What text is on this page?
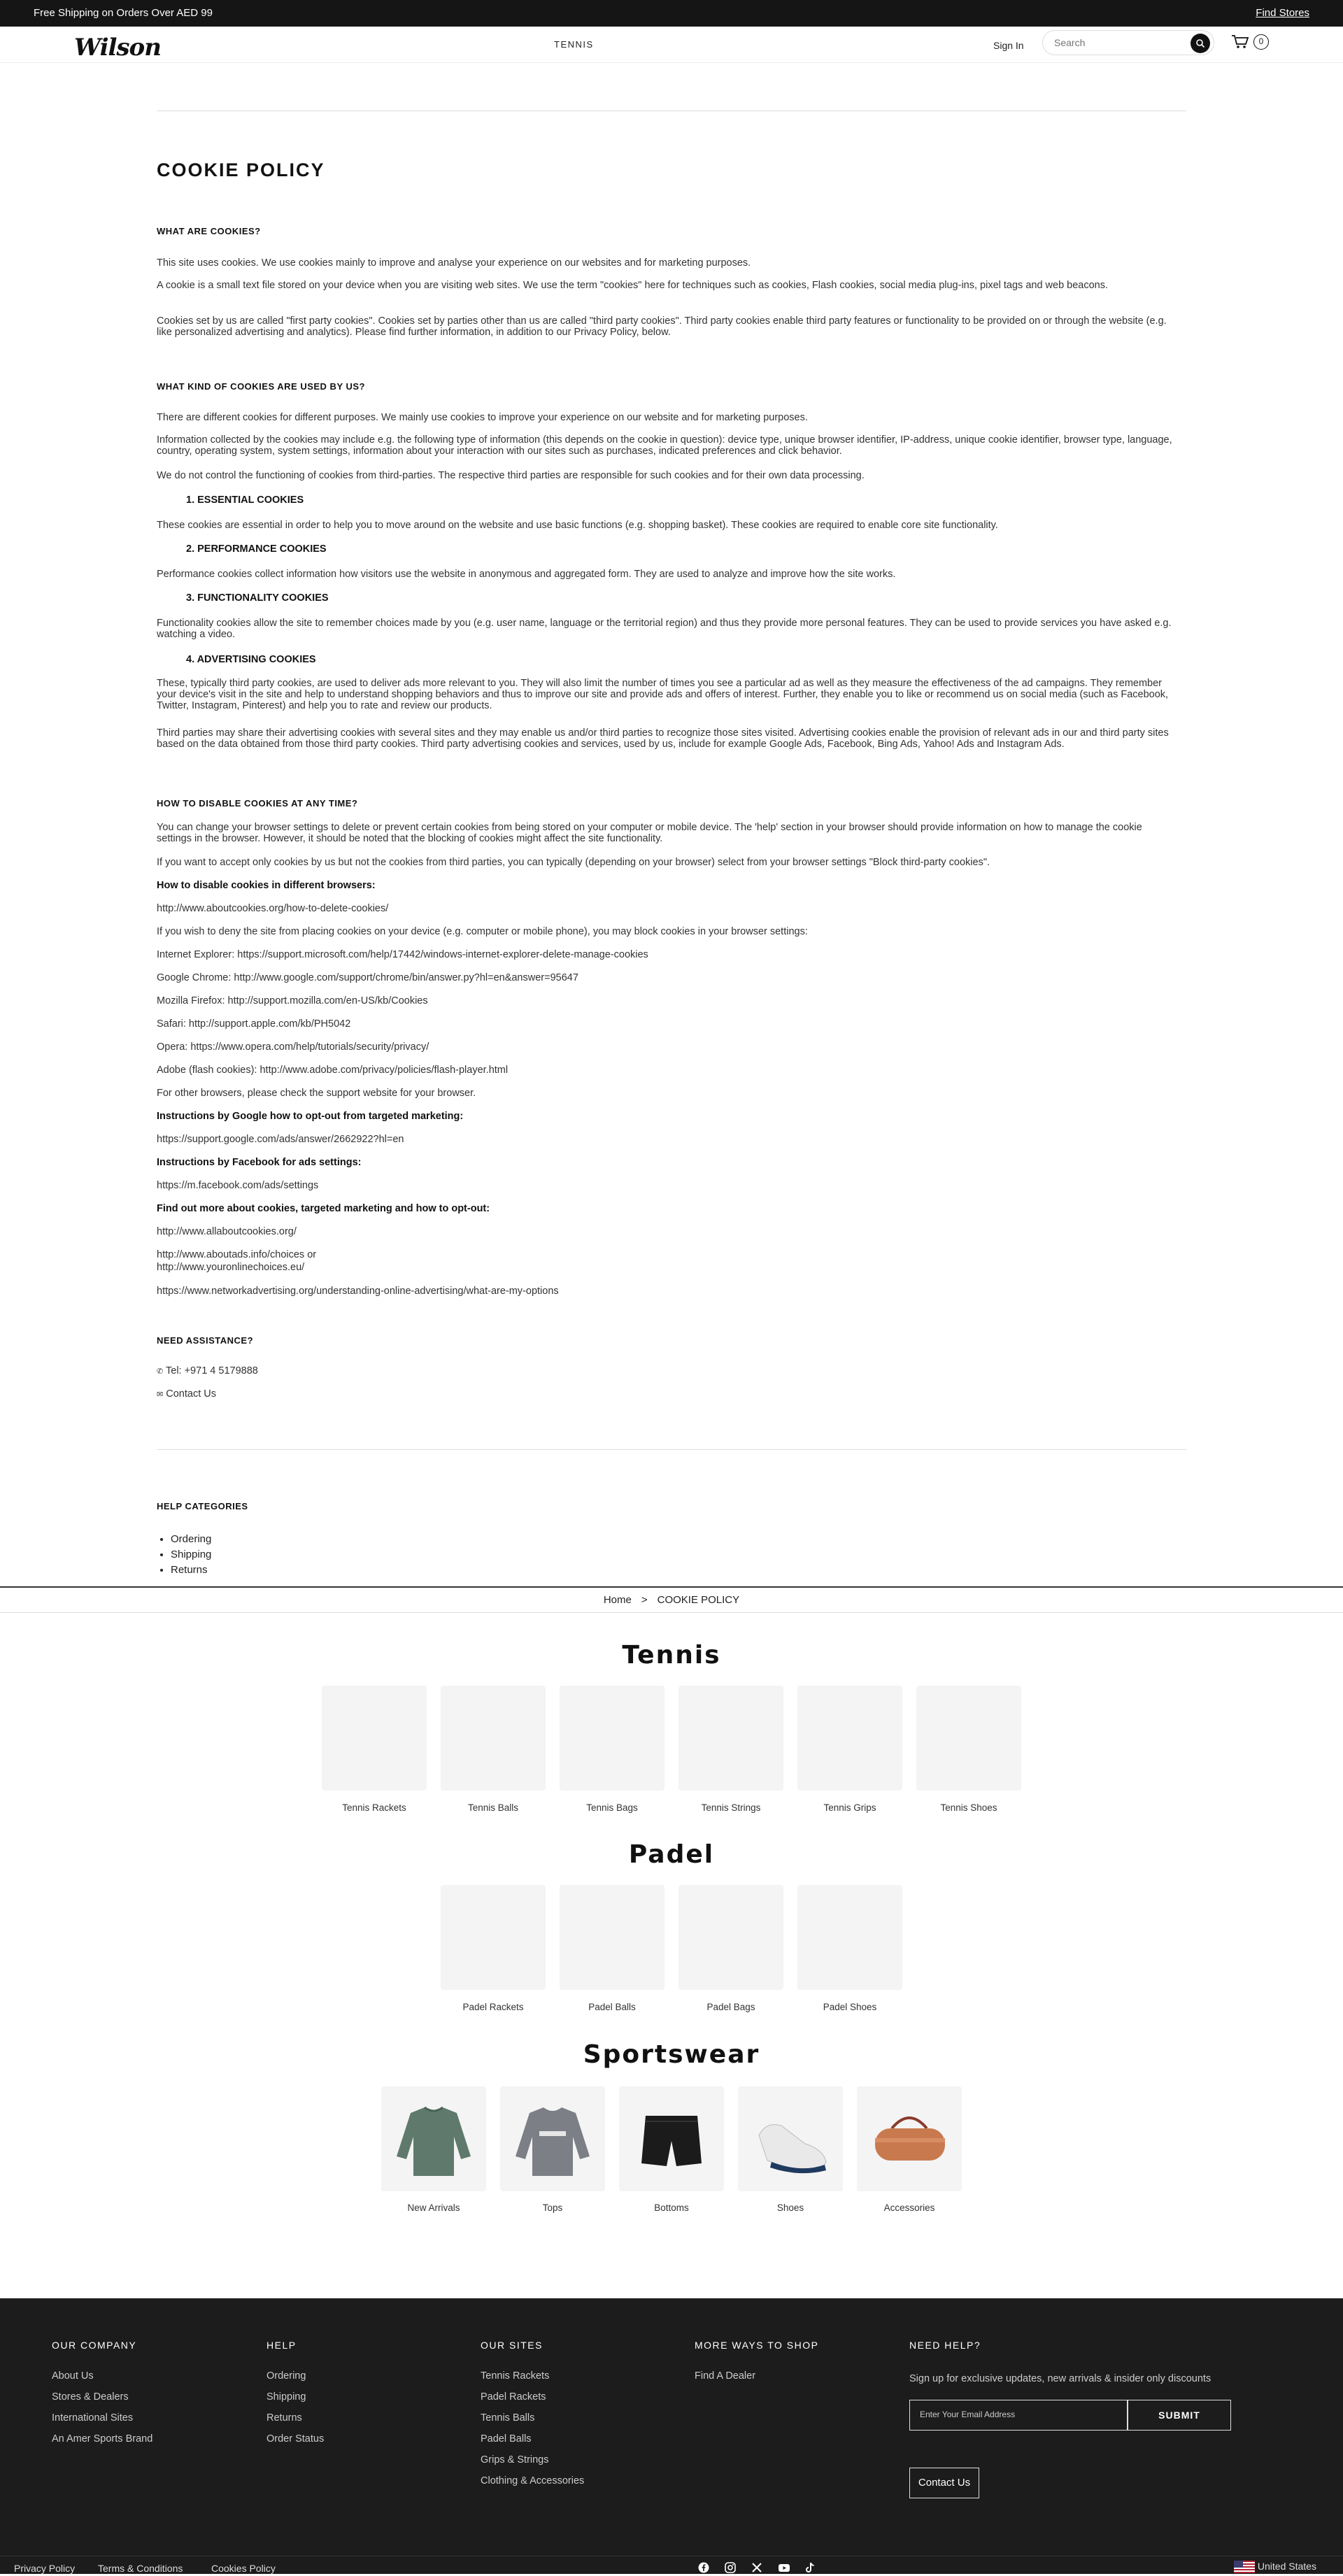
Free Shipping on Orders Over AED 99	Find Stores
Wilson	TENNIS	Sign In
Search	0
COOKIE POLICY
WHAT ARE COOKIES?
This site uses cookies. We use cookies mainly to improve and analyse your experience on our websites and for marketing purposes.
A cookie is a small text file stored on your device when you are visiting web sites. We use the term "cookies" here for techniques such as cookies, Flash cookies, social media plug-ins, pixel tags and web beacons.
Cookies set by us are called "first party cookies". Cookies set by parties other than us are called "third party cookies". Third party cookies enable third party features or functionality to be provided on or through the website (e.g. like personalized advertising and analytics). Please find further information, in addition to our Privacy Policy, below.
WHAT KIND OF COOKIES ARE USED BY US?
There are different cookies for different purposes. We mainly use cookies to improve your experience on our website and for marketing purposes.
Information collected by the cookies may include e.g. the following type of information (this depends on the cookie in question): device type, unique browser identifier, IP-address, unique cookie identifier, browser type, language, country, operating system, system settings, information about your interaction with our sites such as purchases, indicated preferences and click behavior.
We do not control the functioning of cookies from third-parties. The respective third parties are responsible for such cookies and for their own data processing.
1. ESSENTIAL COOKIES
These cookies are essential in order to help you to move around on the website and use basic functions (e.g. shopping basket). These cookies are required to enable core site functionality.
2. PERFORMANCE COOKIES
Performance cookies collect information how visitors use the website in anonymous and aggregated form. They are used to analyze and improve how the site works.
3. FUNCTIONALITY COOKIES
Functionality cookies allow the site to remember choices made by you (e.g. user name, language or the territorial region) and thus they provide more personal features. They can be used to provide services you have asked e.g. watching a video.
4. ADVERTISING COOKIES
These, typically third party cookies, are used to deliver ads more relevant to you. They will also limit the number of times you see a particular ad as well as they measure the effectiveness of the ad campaigns. They remember your device's visit in the site and help to understand shopping behaviors and thus to improve our site and provide ads and offers of interest. Further, they enable you to like or recommend us on social media (such as Facebook, Twitter, Instagram, Pinterest) and help you to rate and review our products.
Third parties may share their advertising cookies with several sites and they may enable us and/or third parties to recognize those sites visited. Advertising cookies enable the provision of relevant ads in our and third party sites based on the data obtained from those third party cookies. Third party advertising cookies and services, used by us, include for example Google Ads, Facebook, Bing Ads, Yahoo! Ads and Instagram Ads.
HOW TO DISABLE COOKIES AT ANY TIME?
You can change your browser settings to delete or prevent certain cookies from being stored on your computer or mobile device. The 'help' section in your browser should provide information on how to manage the cookie settings in the browser. However, it should be noted that the blocking of cookies might affect the site functionality.
If you want to accept only cookies by us but not the cookies from third parties, you can typically (depending on your browser) select from your browser settings "Block third-party cookies".
How to disable cookies in different browsers:
http://www.aboutcookies.org/how-to-delete-cookies/
If you wish to deny the site from placing cookies on your device (e.g. computer or mobile phone), you may block cookies in your browser settings:
Internet Explorer: https://support.microsoft.com/help/17442/windows-internet-explorer-delete-manage-cookies
Google Chrome: http://www.google.com/support/chrome/bin/answer.py?hl=en&answer=95647
Mozilla Firefox: http://support.mozilla.com/en-US/kb/Cookies
Safari: http://support.apple.com/kb/PH5042
Opera: https://www.opera.com/help/tutorials/security/privacy/
Adobe (flash cookies): http://www.adobe.com/privacy/policies/flash-player.html
For other browsers, please check the support website for your browser.
Instructions by Google how to opt-out from targeted marketing:
https://support.google.com/ads/answer/2662922?hl=en
Instructions by Facebook for ads settings:
https://m.facebook.com/ads/settings
Find out more about cookies, targeted marketing and how to opt-out:
http://www.allaboutcookies.org/
http://www.aboutads.info/choices or
http://www.youronlinechoices.eu/
https://www.networkadvertising.org/understanding-online-advertising/what-are-my-options
NEED ASSISTANCE?
✆ Tel: +971 4 5179888
✉ Contact Us
HELP CATEGORIES
• Ordering
• Shipping
• Returns
Home > COOKIE POLICY
Tennis
Tennis Rackets	Tennis Balls	Tennis Bags	Tennis Strings	Tennis Grips	Tennis Shoes
Padel
Padel Rackets	Padel Balls	Padel Bags	Padel Shoes
Sportswear
New Arrivals	Tops	Bottoms	Shoes	Accessories
OUR COMPANY
About Us
Stores & Dealers
International Sites
An Amer Sports Brand
HELP
Ordering
Shipping
Returns
Order Status
OUR SITES
Tennis Rackets
Padel Rackets
Tennis Balls
Padel Balls
Grips & Strings
Clothing & Accessories
MORE WAYS TO SHOP
Find A Dealer
NEED HELP?
Sign up for exclusive updates, new arrivals & insider only discounts
Enter Your Email Address	SUBMIT
Contact Us
Privacy Policy Terms & Conditions	Cookies Policy	United States
